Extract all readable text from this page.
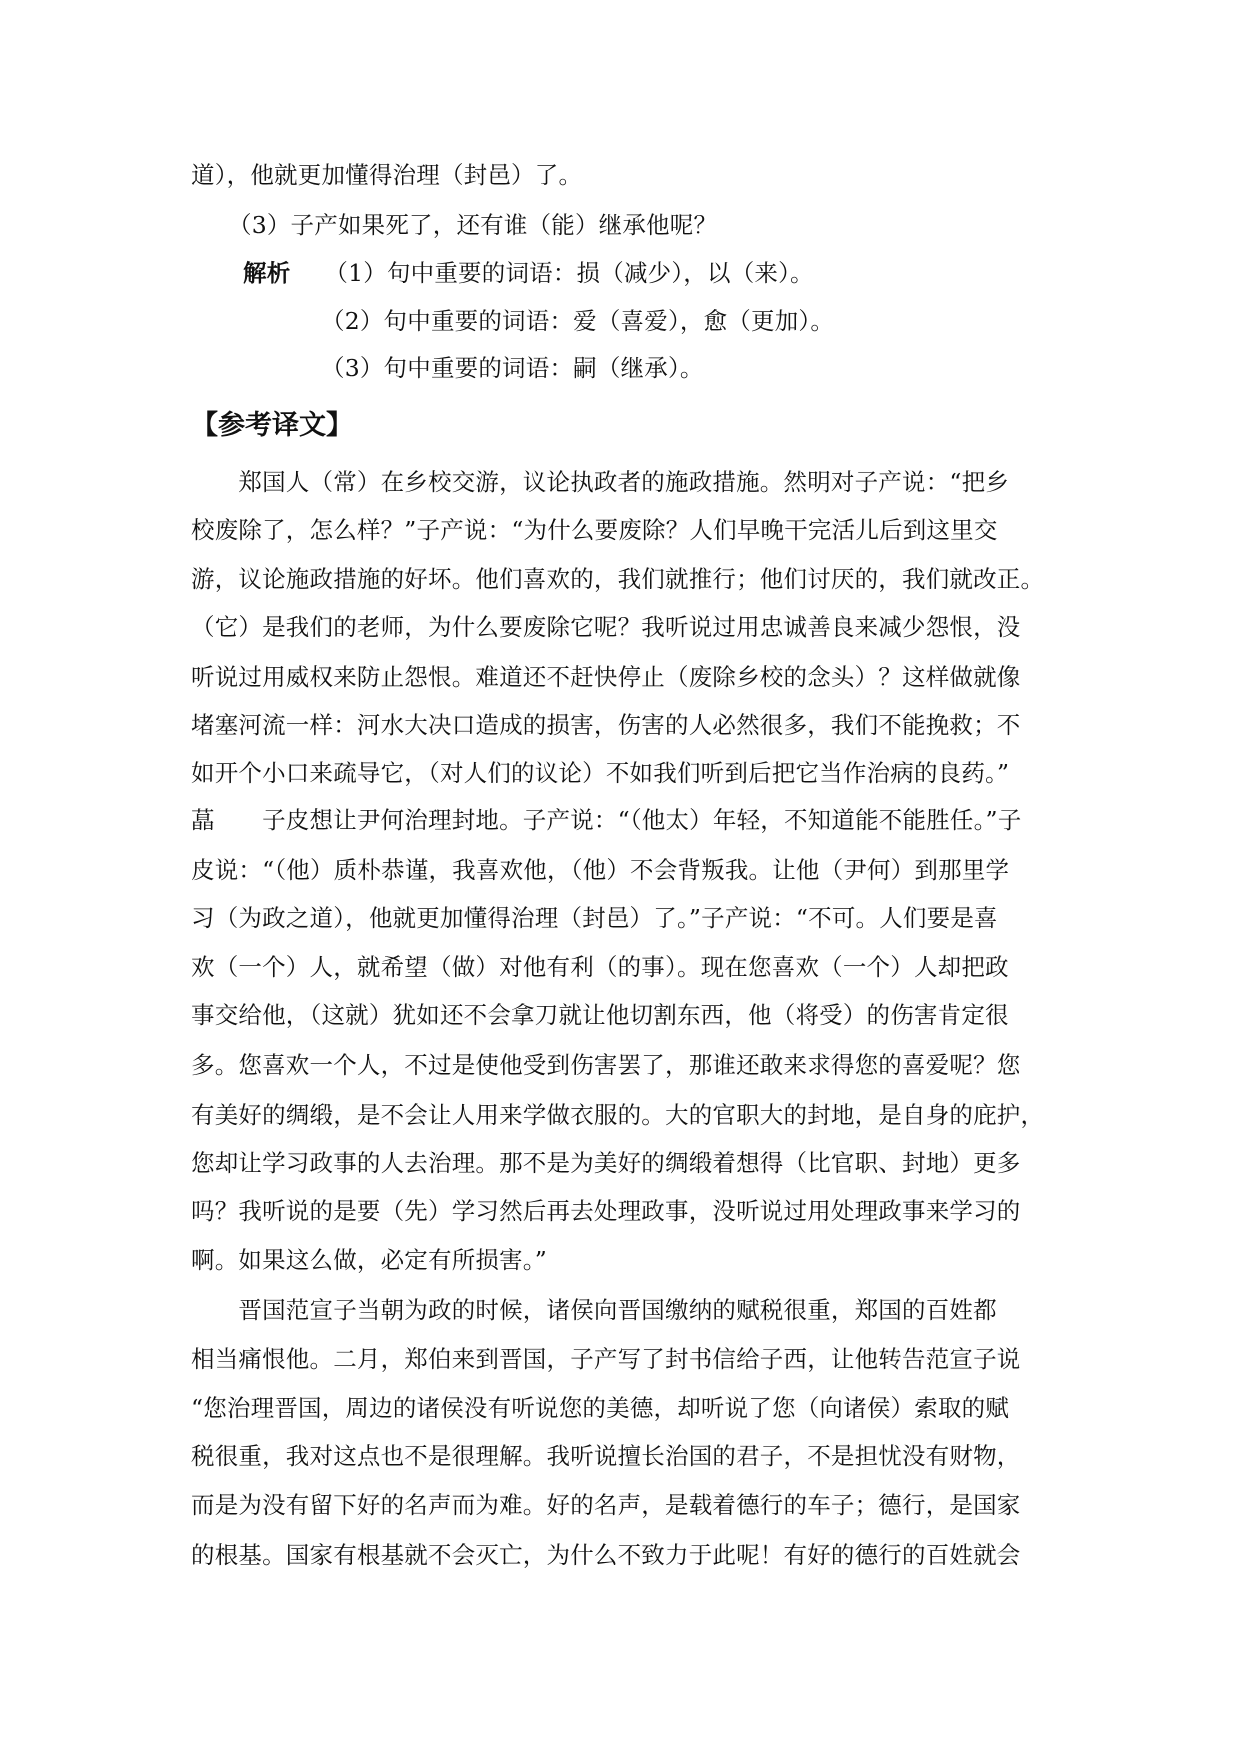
道），他就更加懂得治理（封邑）了。
（3）子产如果死了，还有谁（能）继承他呢？
解析 （1）句中重要的词语：损（减少），以（来）。
（2）句中重要的词语：爱（喜爱），愈（更加）。
（3）句中重要的词语：嗣（继承）。
【参考译文】
　　郑国人（常）在乡校交游，议论执政者的施政措施。然明对子产说：“把乡
校废除了，怎么样？”子产说：“为什么要废除？人们早晚干完活儿后到这里交
游，议论施政措施的好坏。他们喜欢的，我们就推行；他们讨厌的，我们就改正。
（它）是我们的老师，为什么要废除它呢？我听说过用忠诚善良来减少怨恨，没
听说过用威权来防止怨恨。难道还不赶快停止（废除乡校的念头）？这样做就像
堵塞河流一样：河水大决口造成的损害，伤害的人必然很多，我们不能挽救；不
如开个小口来疏导它，（对人们的议论）不如我们听到后把它当作治病的良药。”
蕌　　子皮想让尹何治理封地。子产说：“（他太）年轻，不知道能不能胜任。”子
皮说：“（他）质朴恭谨，我喜欢他，（他）不会背叛我。让他（尹何）到那里学
习（为政之道），他就更加懂得治理（封邑）了。”子产说：“不可。人们要是喜
欢（一个）人，就希望（做）对他有利（的事）。现在您喜欢（一个）人却把政
事交给他，（这就）犹如还不会拿刀就让他切割东西，他（将受）的伤害肯定很
多。您喜欢一个人，不过是使他受到伤害罢了，那谁还敢来求得您的喜爱呢？您
有美好的绸缎，是不会让人用来学做衣服的。大的官职大的封地，是自身的庇护，
您却让学习政事的人去治理。那不是为美好的绸缎着想得（比官职、封地）更多
吗？我听说的是要（先）学习然后再去处理政事，没听说过用处理政事来学习的
啊。如果这么做，必定有所损害。”
　　晋国范宣子当朝为政的时候，诸侯向晋国缴纳的赋税很重，郑国的百姓都
相当痛恨他。二月，郑伯来到晋国，子产写了封书信给子西，让他转告范宣子说
“您治理晋国，周边的诸侯没有听说您的美德，却听说了您（向诸侯）索取的赋
税很重，我对这点也不是很理解。我听说擅长治国的君子，不是担忧没有财物，
而是为没有留下好的名声而为难。好的名声，是载着德行的车子；德行，是国家
的根基。国家有根基就不会灭亡，为什么不致力于此呢！有好的德行的百姓就会
